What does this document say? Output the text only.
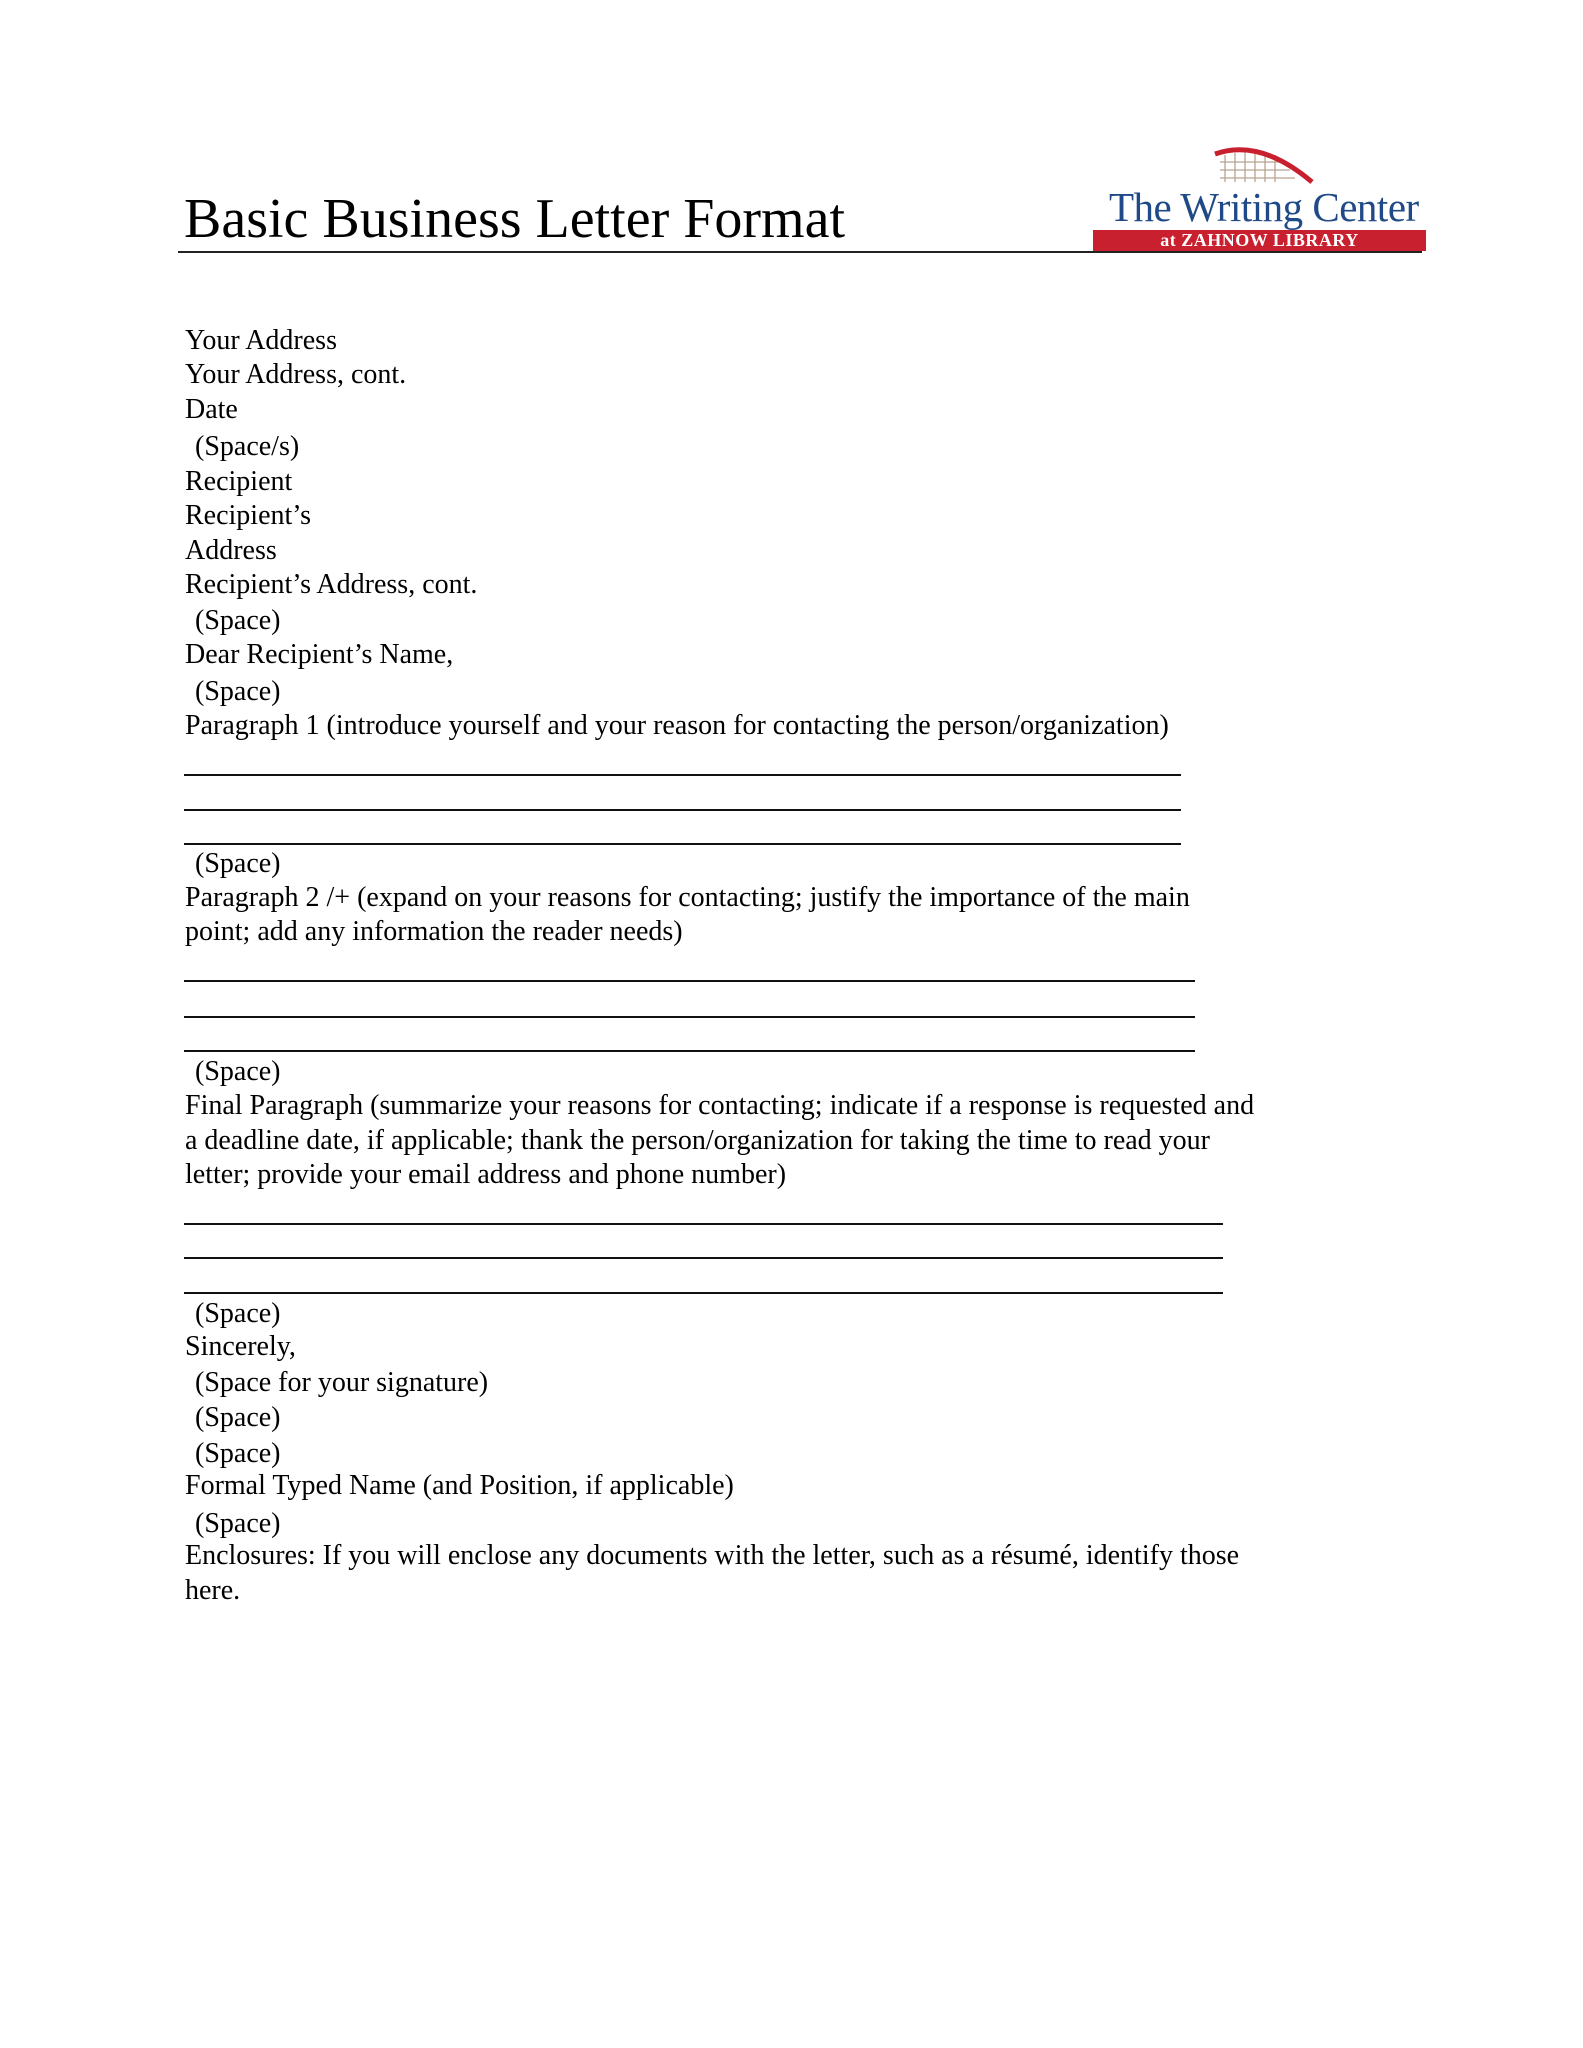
Basic Business Letter Format	The Writing Center
at ZAHNOW LIBRARY
Your Address
Your Address, cont.
Date
(Space/s)
Recipient
Recipient’s
Address
Recipient’s Address, cont.
(Space)
Dear Recipient’s Name,
(Space)
Paragraph 1 (introduce yourself and your reason for contacting the person/organization)
(Space)
Paragraph 2 /+ (expand on your reasons for contacting; justify the importance of the main
point; add any information the reader needs)
(Space)
Final Paragraph (summarize your reasons for contacting; indicate if a response is requested and
a deadline date, if applicable; thank the person/organization for taking the time to read your
letter; provide your email address and phone number)
(Space)
Sincerely,
(Space for your signature)
(Space)
(Space)
Formal Typed Name (and Position, if applicable)
(Space)
Enclosures: If you will enclose any documents with the letter, such as a résumé, identify those
here.
